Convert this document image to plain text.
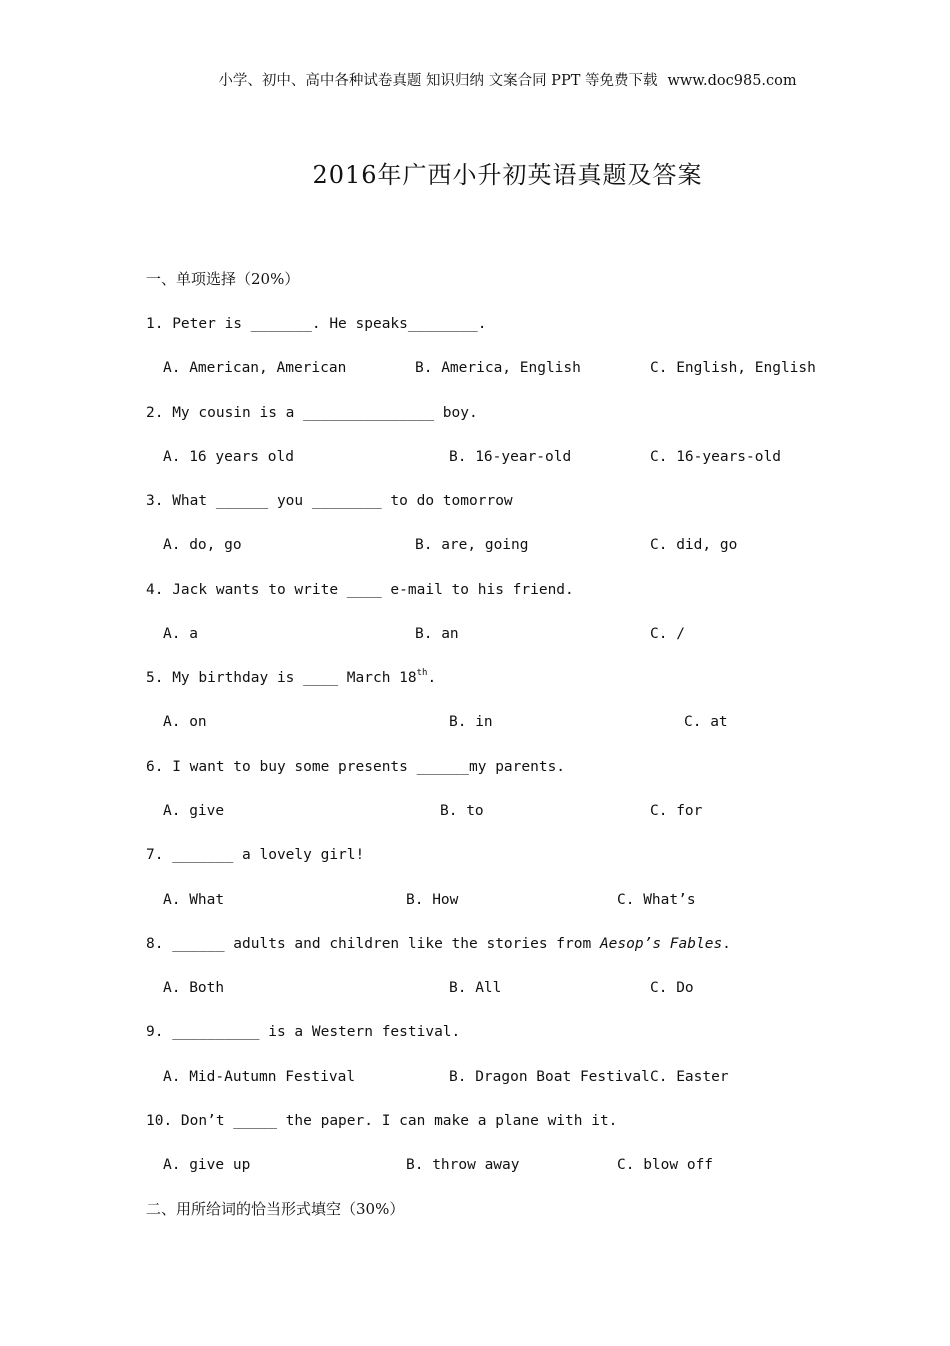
小学、初中、高中各种试卷真题 知识归纳 文案合同 PPT 等免费下载 www.doc985.com
2016年广西小升初英语真题及答案
一、单项选择（20%）
1. Peter is _______. He speaks________.
A. American, American	B. America, English	C. English, English
2. My cousin is a _______________ boy.
A. 16 years old	B. 16-year-old	C. 16-years-old
3. What ______ you ________ to do tomorrow
A. do, go	B. are, going	C. did, go
4. Jack wants to write ____ e-mail to his friend.
A. a	B. an	C. /
5. My birthday is ____ March 18th.
A. on	B. in	C. at
6. I want to buy some presents ______my parents.
A. give	B. to	C. for
7. _______ a lovely girl!
A. What	B. How	C. What’s
8. ______ adults and children like the stories from Aesop’s Fables.
A. Both	B. All	C. Do
9. __________ is a Western festival.
A. Mid-Autumn Festival	B. Dragon Boat Festival C. Easter
10. Don’t _____ the paper. I can make a plane with it.
A. give up	B. throw away	C. blow off
二、用所给词的恰当形式填空（30%）
